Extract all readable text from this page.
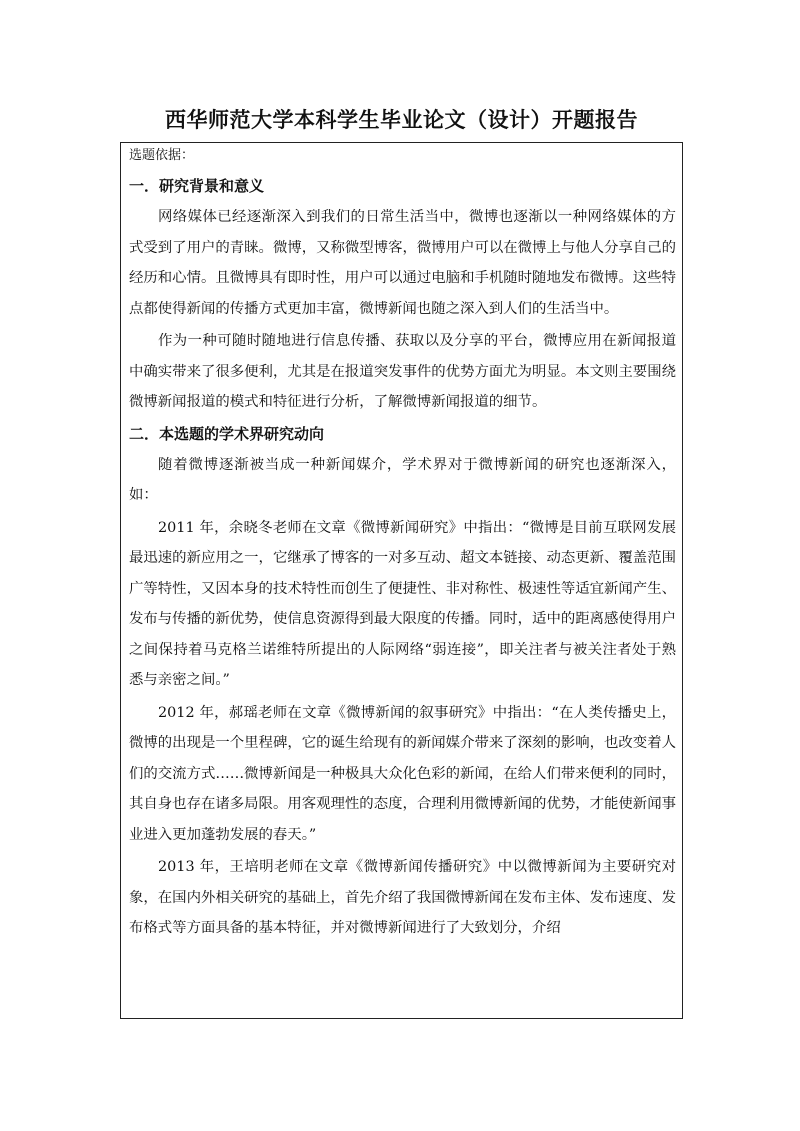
西华师范大学本科学生毕业论文（设计）开题报告

选题依据：

一．研究背景和意义

网络媒体已经逐渐深入到我们的日常生活当中，微博也逐渐以一种网络媒体的方式受到了用户的青睐。微博，又称微型博客，微博用户可以在微博上与他人分享自己的经历和心情。且微博具有即时性，用户可以通过电脑和手机随时随地发布微博。这些特点都使得新闻的传播方式更加丰富，微博新闻也随之深入到人们的生活当中。

作为一种可随时随地进行信息传播、获取以及分享的平台，微博应用在新闻报道中确实带来了很多便利，尤其是在报道突发事件的优势方面尤为明显。本文则主要围绕微博新闻报道的模式和特征进行分析，了解微博新闻报道的细节。

二．本选题的学术界研究动向

随着微博逐渐被当成一种新闻媒介，学术界对于微博新闻的研究也逐渐深入，如：

2011 年，余晓冬老师在文章《微博新闻研究》中指出：“微博是目前互联网发展最迅速的新应用之一，它继承了博客的一对多互动、超文本链接、动态更新、覆盖范围广等特性，又因本身的技术特性而创生了便捷性、非对称性、极速性等适宜新闻产生、发布与传播的新优势，使信息资源得到最大限度的传播。同时，适中的距离感使得用户之间保持着马克格兰诺维特所提出的人际网络“弱连接”，即关注者与被关注者处于熟悉与亲密之间。”

2012 年，郝瑶老师在文章《微博新闻的叙事研究》中指出：“在人类传播史上，微博的出现是一个里程碑，它的诞生给现有的新闻媒介带来了深刻的影响，也改变着人们的交流方式……微博新闻是一种极具大众化色彩的新闻，在给人们带来便利的同时，其自身也存在诸多局限。用客观理性的态度，合理利用微博新闻的优势，才能使新闻事业进入更加蓬勃发展的春天。”

2013 年，王培明老师在文章《微博新闻传播研究》中以微博新闻为主要研究对象，在国内外相关研究的基础上，首先介绍了我国微博新闻在发布主体、发布速度、发布格式等方面具备的基本特征，并对微博新闻进行了大致划分，介绍
